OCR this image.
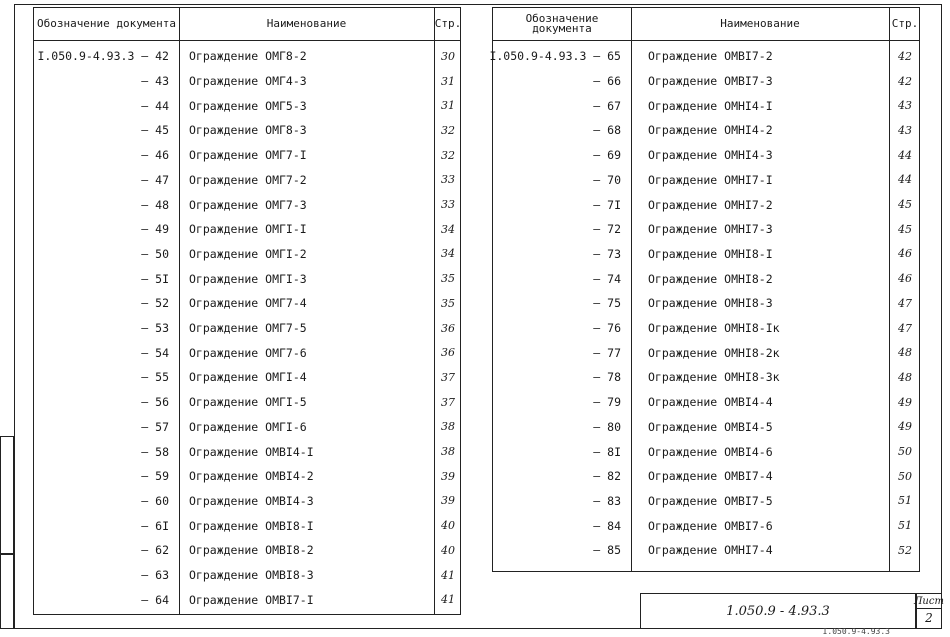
Обозначение документа	Наименование	Стр.
I.050.9-4.93.3 – 42 Ограждение ОМГ8-2	30
– 43 Ограждение ОМГ4-3	31
– 44 Ограждение ОМГ5-3	31
– 45 Ограждение ОМГ8-3	32
– 46 Ограждение ОМГ7-I	32
– 47 Ограждение ОМГ7-2	33
– 48 Ограждение ОМГ7-3	33
– 49 Ограждение ОМГI-I	34
– 50 Ограждение ОМГI-2	34
– 5I Ограждение ОМГI-3	35
– 52 Ограждение ОМГ7-4	35
– 53 Ограждение ОМГ7-5	36
– 54 Ограждение ОМГ7-6	36
– 55 Ограждение ОМГI-4	37
– 56 Ограждение ОМГI-5	37
– 57 Ограждение ОМГI-6	38
– 58 Ограждение ОМВI4-I	38
– 59 Ограждение ОМВI4-2	39
– 60 Ограждение ОМВI4-3	39
– 6I Ограждение ОМВI8-I	40
– 62 Ограждение ОМВI8-2	40
– 63 Ограждение ОМВI8-3	41
– 64 Ограждение ОМВI7-I	41
Обозначение документа	Наименование	Стр.
I.050.9-4.93.3 – 65 Ограждение ОМВI7-2	42
– 66 Ограждение ОМВI7-3	42
– 67 Ограждение ОМНI4-I	43
– 68 Ограждение ОМНI4-2	43
– 69 Ограждение ОМНI4-3	44
– 70 Ограждение ОМНI7-I	44
– 7I Ограждение ОМНI7-2	45
– 72 Ограждение ОМНI7-3	45
– 73 Ограждение ОМНI8-I	46
– 74 Ограждение ОМНI8-2	46
– 75 Ограждение ОМНI8-3	47
– 76 Ограждение ОМНI8-Iк	47
– 77 Ограждение ОМНI8-2к	48
– 78 Ограждение ОМНI8-3к	48
– 79 Ограждение ОМВI4-4	49
– 80 Ограждение ОМВI4-5	49
– 8I Ограждение ОМВI4-6	50
– 82 Ограждение ОМВI7-4	50
– 83 Ограждение ОМВI7-5	51
– 84 Ограждение ОМВI7-6	51
– 85 Ограждение ОМНI7-4	52
1.050.9 - 4.93.3
Лист
2
I.050.9-4.93.3
